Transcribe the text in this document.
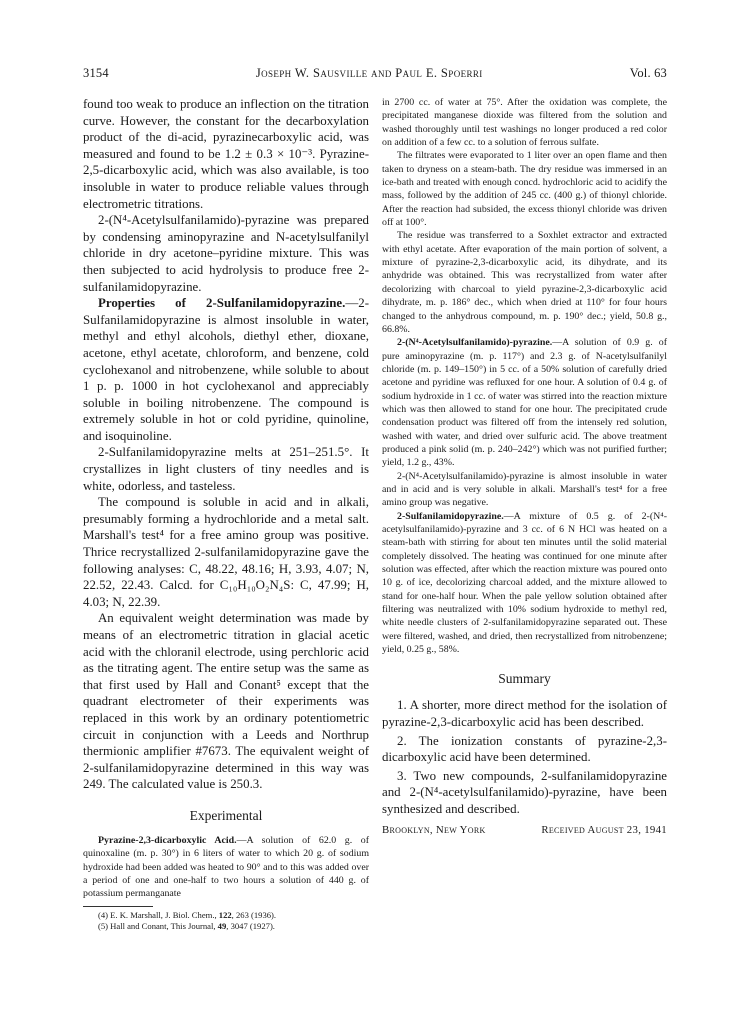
3154	Joseph W. Sausville and Paul E. Spoerri	Vol. 63

found too weak to produce an inflection on the titration curve. However, the constant for the decarboxylation product of the di-acid, pyrazinecarboxylic acid, was measured and found to be 1.2 ± 0.3 × 10⁻³. Pyrazine-2,5-dicarboxylic acid, which was also available, is too insoluble in water to produce reliable values through electrometric titrations.

2-(N⁴-Acetylsulfanilamido)-pyrazine was prepared by condensing aminopyrazine and N-acetylsulfanilyl chloride in dry acetone–pyridine mixture. This was then subjected to acid hydrolysis to produce free 2-sulfanilamidopyrazine.

Properties of 2-Sulfanilamidopyrazine.—2-Sulfanilamidopyrazine is almost insoluble in water, methyl and ethyl alcohols, diethyl ether, dioxane, acetone, ethyl acetate, chloroform, and benzene, cold cyclohexanol and nitrobenzene, while soluble to about 1 p. p. 1000 in hot cyclohexanol and appreciably soluble in boiling nitrobenzene. The compound is extremely soluble in hot or cold pyridine, quinoline, and isoquinoline.

2-Sulfanilamidopyrazine melts at 251–251.5°. It crystallizes in light clusters of tiny needles and is white, odorless, and tasteless.

The compound is soluble in acid and in alkali, presumably forming a hydrochloride and a metal salt. Marshall's test⁴ for a free amino group was positive. Thrice recrystallized 2-sulfanilamidopyrazine gave the following analyses: C, 48.22, 48.16; H, 3.93, 4.07; N, 22.52, 22.43. Calcd. for C₁₀H₁₀O₂N₄S: C, 47.99; H, 4.03; N, 22.39.

An equivalent weight determination was made by means of an electrometric titration in glacial acetic acid with the chloranil electrode, using perchloric acid as the titrating agent. The entire setup was the same as that first used by Hall and Conant⁵ except that the quadrant electrometer of their experiments was replaced in this work by an ordinary potentiometric circuit in conjunction with a Leeds and Northrup thermionic amplifier #7673. The equivalent weight of 2-sulfanilamidopyrazine determined in this way was 249. The calculated value is 250.3.

Experimental

Pyrazine-2,3-dicarboxylic Acid.—A solution of 62.0 g. of quinoxaline (m. p. 30°) in 6 liters of water to which 20 g. of sodium hydroxide had been added was heated to 90° and to this was added over a period of one and one-half to two hours a solution of 440 g. of potassium permanganate

(4) E. K. Marshall, J. Biol. Chem., 122, 263 (1936).

(5) Hall and Conant, This Journal, 49, 3047 (1927).

in 2700 cc. of water at 75°. After the oxidation was complete, the precipitated manganese dioxide was filtered from the solution and washed thoroughly until test washings no longer produced a red color on addition of a few cc. to a solution of ferrous sulfate.

The filtrates were evaporated to 1 liter over an open flame and then taken to dryness on a steam-bath. The dry residue was immersed in an ice-bath and treated with enough concd. hydrochloric acid to acidify the mass, followed by the addition of 245 cc. (400 g.) of thionyl chloride. After the reaction had subsided, the excess thionyl chloride was driven off at 100°.

The residue was transferred to a Soxhlet extractor and extracted with ethyl acetate. After evaporation of the main portion of solvent, a mixture of pyrazine-2,3-dicarboxylic acid, its dihydrate, and its anhydride was obtained. This was recrystallized from water after decolorizing with charcoal to yield pyrazine-2,3-dicarboxylic acid dihydrate, m. p. 186° dec., which when dried at 110° for four hours changed to the anhydrous compound, m. p. 190° dec.; yield, 50.8 g., 66.8%.

2-(N⁴-Acetylsulfanilamido)-pyrazine.—A solution of 0.9 g. of pure aminopyrazine (m. p. 117°) and 2.3 g. of N-acetylsulfanilyl chloride (m. p. 149–150°) in 5 cc. of a 50% solution of carefully dried acetone and pyridine was refluxed for one hour. A solution of 0.4 g. of sodium hydroxide in 1 cc. of water was stirred into the reaction mixture which was then allowed to stand for one hour. The precipitated crude condensation product was filtered off from the intensely red solution, washed with water, and dried over sulfuric acid. The above treatment produced a pink solid (m. p. 240–242°) which was not purified further; yield, 1.2 g., 43%.

2-(N⁴-Acetylsulfanilamido)-pyrazine is almost insoluble in water and in acid and is very soluble in alkali. Marshall's test⁴ for a free amino group was negative.

2-Sulfanilamidopyrazine.—A mixture of 0.5 g. of 2-(N⁴-acetylsulfanilamido)-pyrazine and 3 cc. of 6 N HCl was heated on a steam-bath with stirring for about ten minutes until the solid material completely dissolved. The heating was continued for one minute after solution was effected, after which the reaction mixture was poured onto 10 g. of ice, decolorizing charcoal added, and the mixture allowed to stand for one-half hour. When the pale yellow solution obtained after filtering was neutralized with 10% sodium hydroxide to methyl red, white needle clusters of 2-sulfanilamidopyrazine separated out. These were filtered, washed, and dried, then recrystallized from nitrobenzene; yield, 0.25 g., 58%.

Summary

1. A shorter, more direct method for the isolation of pyrazine-2,3-dicarboxylic acid has been described.

2. The ionization constants of pyrazine-2,3-dicarboxylic acid have been determined.

3. Two new compounds, 2-sulfanilamidopyrazine and 2-(N⁴-acetylsulfanilamido)-pyrazine, have been synthesized and described.

Brooklyn, New York	Received August 23, 1941
